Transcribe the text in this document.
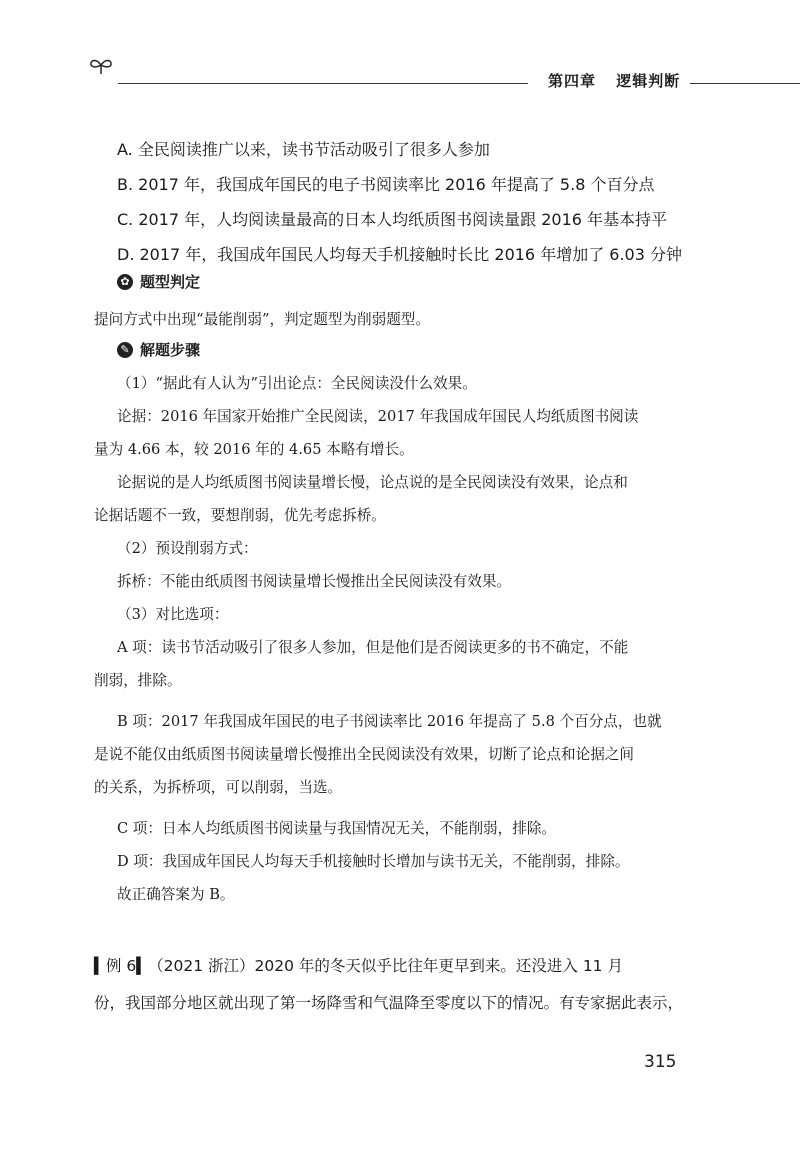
第四章 逻辑判断
A. 全民阅读推广以来，读书节活动吸引了很多人参加
B. 2017 年，我国成年国民的电子书阅读率比 2016 年提高了 5.8 个百分点
C. 2017 年，人均阅读量最高的日本人均纸质图书阅读量跟 2016 年基本持平
D. 2017 年，我国成年国民人均每天手机接触时长比 2016 年增加了 6.03 分钟
✿ 题型判定
提问方式中出现“最能削弱”，判定题型为削弱题型。
✎ 解题步骤
（1）“据此有人认为”引出论点：全民阅读没什么效果。
论据：2016 年国家开始推广全民阅读，2017 年我国成年国民人均纸质图书阅读
量为 4.66 本，较 2016 年的 4.65 本略有增长。
论据说的是人均纸质图书阅读量增长慢，论点说的是全民阅读没有效果，论点和
论据话题不一致，要想削弱，优先考虑拆桥。
（2）预设削弱方式：
拆桥：不能由纸质图书阅读量增长慢推出全民阅读没有效果。
（3）对比选项：
A 项：读书节活动吸引了很多人参加，但是他们是否阅读更多的书不确定，不能
削弱，排除。
B 项：2017 年我国成年国民的电子书阅读率比 2016 年提高了 5.8 个百分点，也就
是说不能仅由纸质图书阅读量增长慢推出全民阅读没有效果，切断了论点和论据之间
的关系，为拆桥项，可以削弱，当选。
C 项：日本人均纸质图书阅读量与我国情况无关，不能削弱，排除。
D 项：我国成年国民人均每天手机接触时长增加与读书无关，不能削弱，排除。
故正确答案为 B。
▍例 6▍（2021 浙江）2020 年的冬天似乎比往年更早到来。还没进入 11 月
份，我国部分地区就出现了第一场降雪和气温降至零度以下的情况。有专家据此表示，
315
